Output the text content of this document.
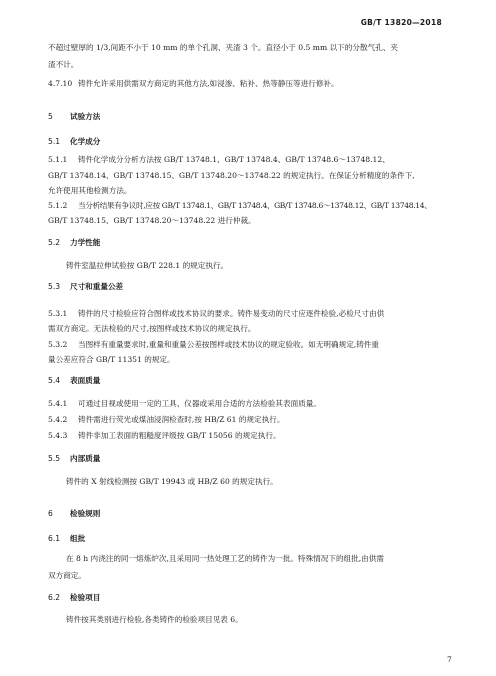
GB/T 13820—2018
不超过壁厚的 1/3,间距不小于 10 mm 的单个孔洞、夹渣 3 个。直径小于 0.5 mm 以下的分散气孔、夹
渣不计。
4.7.10 铸件允许采用供需双方商定的其他方法,如浸渗、粘补、热等静压等进行修补。
5 试验方法
5.1 化学成分
5.1.1 铸件化学成分分析方法按 GB/T 13748.1、GB/T 13748.4、GB/T 13748.6～13748.12、
GB/T 13748.14、GB/T 13748.15、GB/T 13748.20～13748.22 的规定执行。在保证分析精度的条件下,
允许使用其他检测方法。
5.1.2 当分析结果有争议时,应按 GB/T 13748.1、GB/T 13748.4、GB/T 13748.6～13748.12、GB/T 13748.14、
GB/T 13748.15、GB/T 13748.20～13748.22 进行仲裁。
5.2 力学性能
铸件室温拉伸试验按 GB/T 228.1 的规定执行。
5.3 尺寸和重量公差
5.3.1 铸件的尺寸检验应符合图样或技术协议的要求。铸件易变动的尺寸应逐件检验,必检尺寸由供
需双方商定。无法检验的尺寸,按图样或技术协议的规定执行。
5.3.2 当图样有重量要求时,重量和重量公差按图样或技术协议的规定验收。如无明确规定,铸件重
量公差应符合 GB/T 11351 的规定。
5.4 表面质量
5.4.1 可通过目视或使用一定的工具、仪器或采用合适的方法检验其表面质量。
5.4.2 铸件需进行荧光或煤油浸润检查时,按 HB/Z 61 的规定执行。
5.4.3 铸件非加工表面的粗糙度评级按 GB/T 15056 的规定执行。
5.5 内部质量
铸件的 X 射线检测按 GB/T 19943 或 HB/Z 60 的规定执行。
6 检验规则
6.1 组批
在 8 h 内浇注的同一熔炼炉次,且采用同一热处理工艺的铸件为一批。特殊情况下的组批,由供需
双方商定。
6.2 检验项目
铸件按其类别进行检验,各类铸件的检验项目见表 6。
7
